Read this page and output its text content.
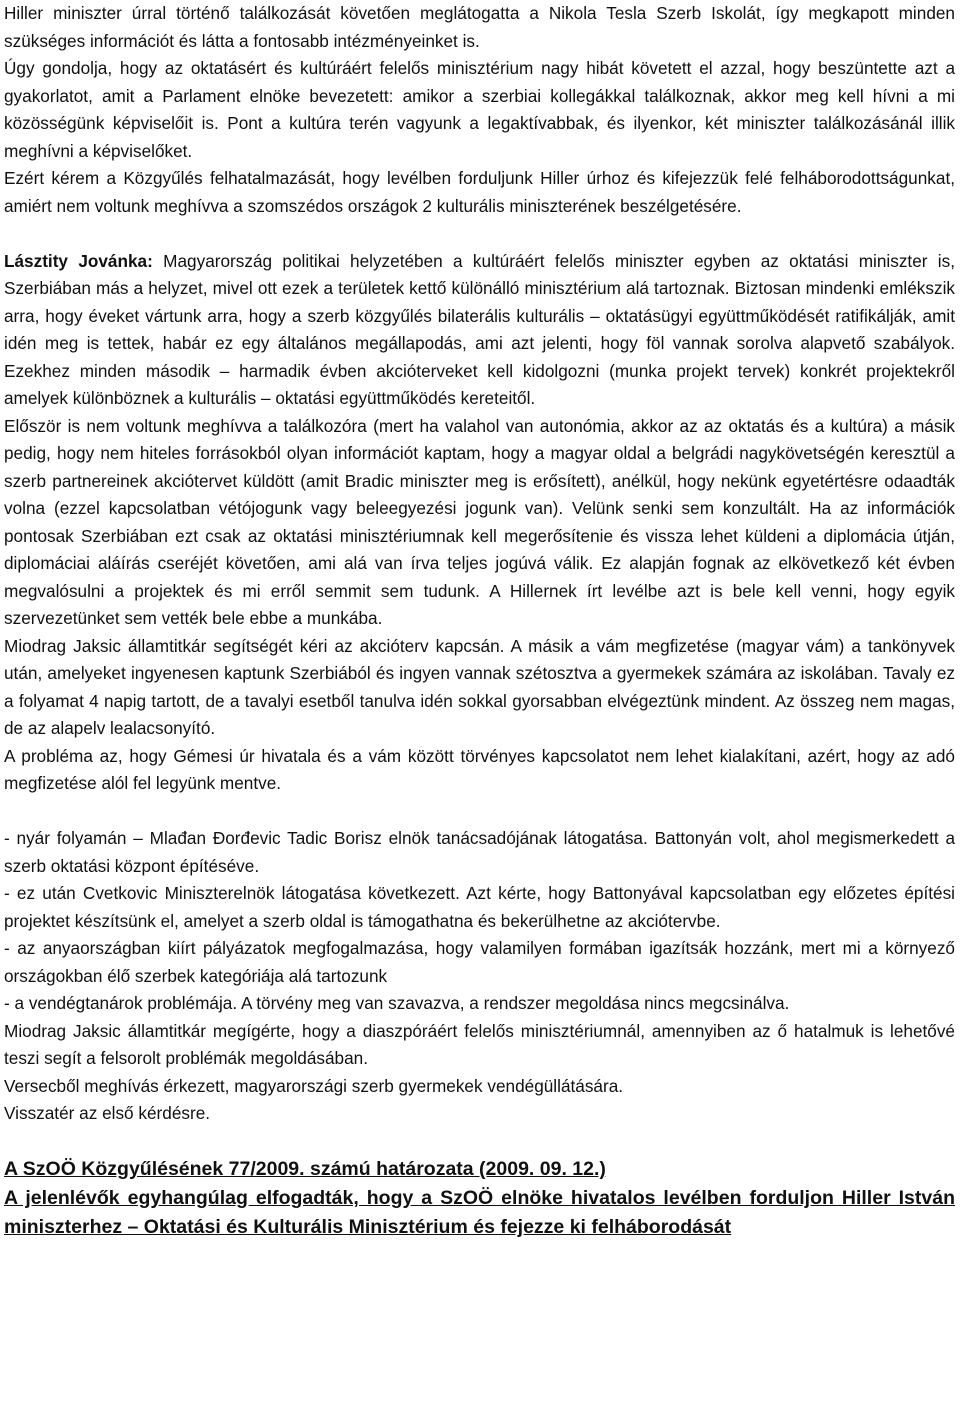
Hiller miniszter úrral történő találkozását követően meglátogatta a Nikola Tesla Szerb Iskolát, így megkapott minden szükséges információt és látta a fontosabb intézményeinket is.

Úgy gondolja, hogy az oktatásért és kultúráért felelős minisztérium nagy hibát követett el azzal, hogy beszüntette azt a gyakorlatot, amit a Parlament elnöke bevezetett: amikor a szerbiai kollegákkal találkoznak, akkor meg kell hívni a mi közösségünk képviselőit is. Pont a kultúra terén vagyunk a legaktívabbak, és ilyenkor, két miniszter találkozásánál illik meghívni a képviselőket.

Ezért kérem a Közgyűlés felhatalmazását, hogy levélben forduljunk Hiller úrhoz és kifejezzük felé felháborodottságunkat, amiért nem voltunk meghívva a szomszédos országok 2 kulturális miniszterének beszélgetésére.

Lásztity Jovánka: Magyarország politikai helyzetében a kultúráért felelős miniszter egyben az oktatási miniszter is, Szerbiában más a helyzet, mivel ott ezek a területek kettő különálló minisztérium alá tartoznak. Biztosan mindenki emlékszik arra, hogy éveket vártunk arra, hogy a szerb közgyűlés bilaterális kulturális – oktatásügyi együttműködését ratifikálják, amit idén meg is tettek, habár ez egy általános megállapodás, ami azt jelenti, hogy föl vannak sorolva alapvető szabályok. Ezekhez minden második – harmadik évben akcióterveket kell kidolgozni (munka projekt tervek) konkrét projektekről amelyek különböznek a kulturális – oktatási együttműködés kereteitől.

Először is nem voltunk meghívva a találkozóra (mert ha valahol van autonómia, akkor az az oktatás és a kultúra) a másik pedig, hogy nem hiteles forrásokból olyan információt kaptam, hogy a magyar oldal a belgrádi nagykövetségén keresztül a szerb partnereinek akciótervet küldött (amit Bradic miniszter meg is erősített), anélkül, hogy nekünk egyetértésre odaadták volna (ezzel kapcsolatban vétójogunk vagy beleegyezési jogunk van). Velünk senki sem konzultált. Ha az információk pontosak Szerbiában ezt csak az oktatási minisztériumnak kell megerősítenie és vissza lehet küldeni a diplomácia útján, diplomáciai aláírás cseréjét követően, ami alá van írva teljes jogúvá válik. Ez alapján fognak az elkövetkező két évben megvalósulni a projektek és mi erről semmit sem tudunk. A Hillernek írt levélbe azt is bele kell venni, hogy egyik szervezetünket sem vették bele ebbe a munkába.

Miodrag Jaksic államtitkár segítségét kéri az akcióterv kapcsán. A másik a vám megfizetése (magyar vám) a tankönyvek után, amelyeket ingyenesen kaptunk Szerbiából és ingyen vannak szétosztva a gyermekek számára az iskolában. Tavaly ez a folyamat 4 napig tartott, de a tavalyi esetből tanulva idén sokkal gyorsabban elvégeztünk mindent. Az összeg nem magas, de az alapelv lealacsonyító.

A probléma az, hogy Gémesi úr hivatala és a vám között törvényes kapcsolatot nem lehet kialakítani, azért, hogy az adó megfizetése alól fel legyünk mentve.

- nyár folyamán – Mlađan Đorđevic Tadic Borisz elnök tanácsadójának látogatása. Battonyán volt, ahol megismerkedett a szerb oktatási központ építéséve.

- ez után Cvetkovic Miniszterelnök látogatása következett. Azt kérte, hogy Battonyával kapcsolatban egy előzetes építési projektet készítsünk el, amelyet a szerb oldal is támogathatna és bekerülhetne az akciótervbe.

- az anyaországban kiírt pályázatok megfogalmazása, hogy valamilyen formában igazítsák hozzánk, mert mi a környező országokban élő szerbek kategóriája alá tartozunk

- a vendégtanárok problémája. A törvény meg van szavazva, a rendszer megoldása nincs megcsinálva.

Miodrag Jaksic államtitkár megígérte, hogy a diaszpóráért felelős minisztériumnál, amennyiben az ő hatalmuk is lehetővé teszi segít a felsorolt problémák megoldásában.

Versecből meghívás érkezett, magyarországi szerb gyermekek vendégüllátására.

Visszatér az első kérdésre.

A SzOÖ Közgyűlésének 77/2009. számú határozata (2009. 09. 12.)

A jelenlévők egyhangúlag elfogadták, hogy a SzOÖ elnöke hivatalos levélben forduljon Hiller István miniszterhez – Oktatási és Kulturális Minisztérium és fejezze ki felháborodását
